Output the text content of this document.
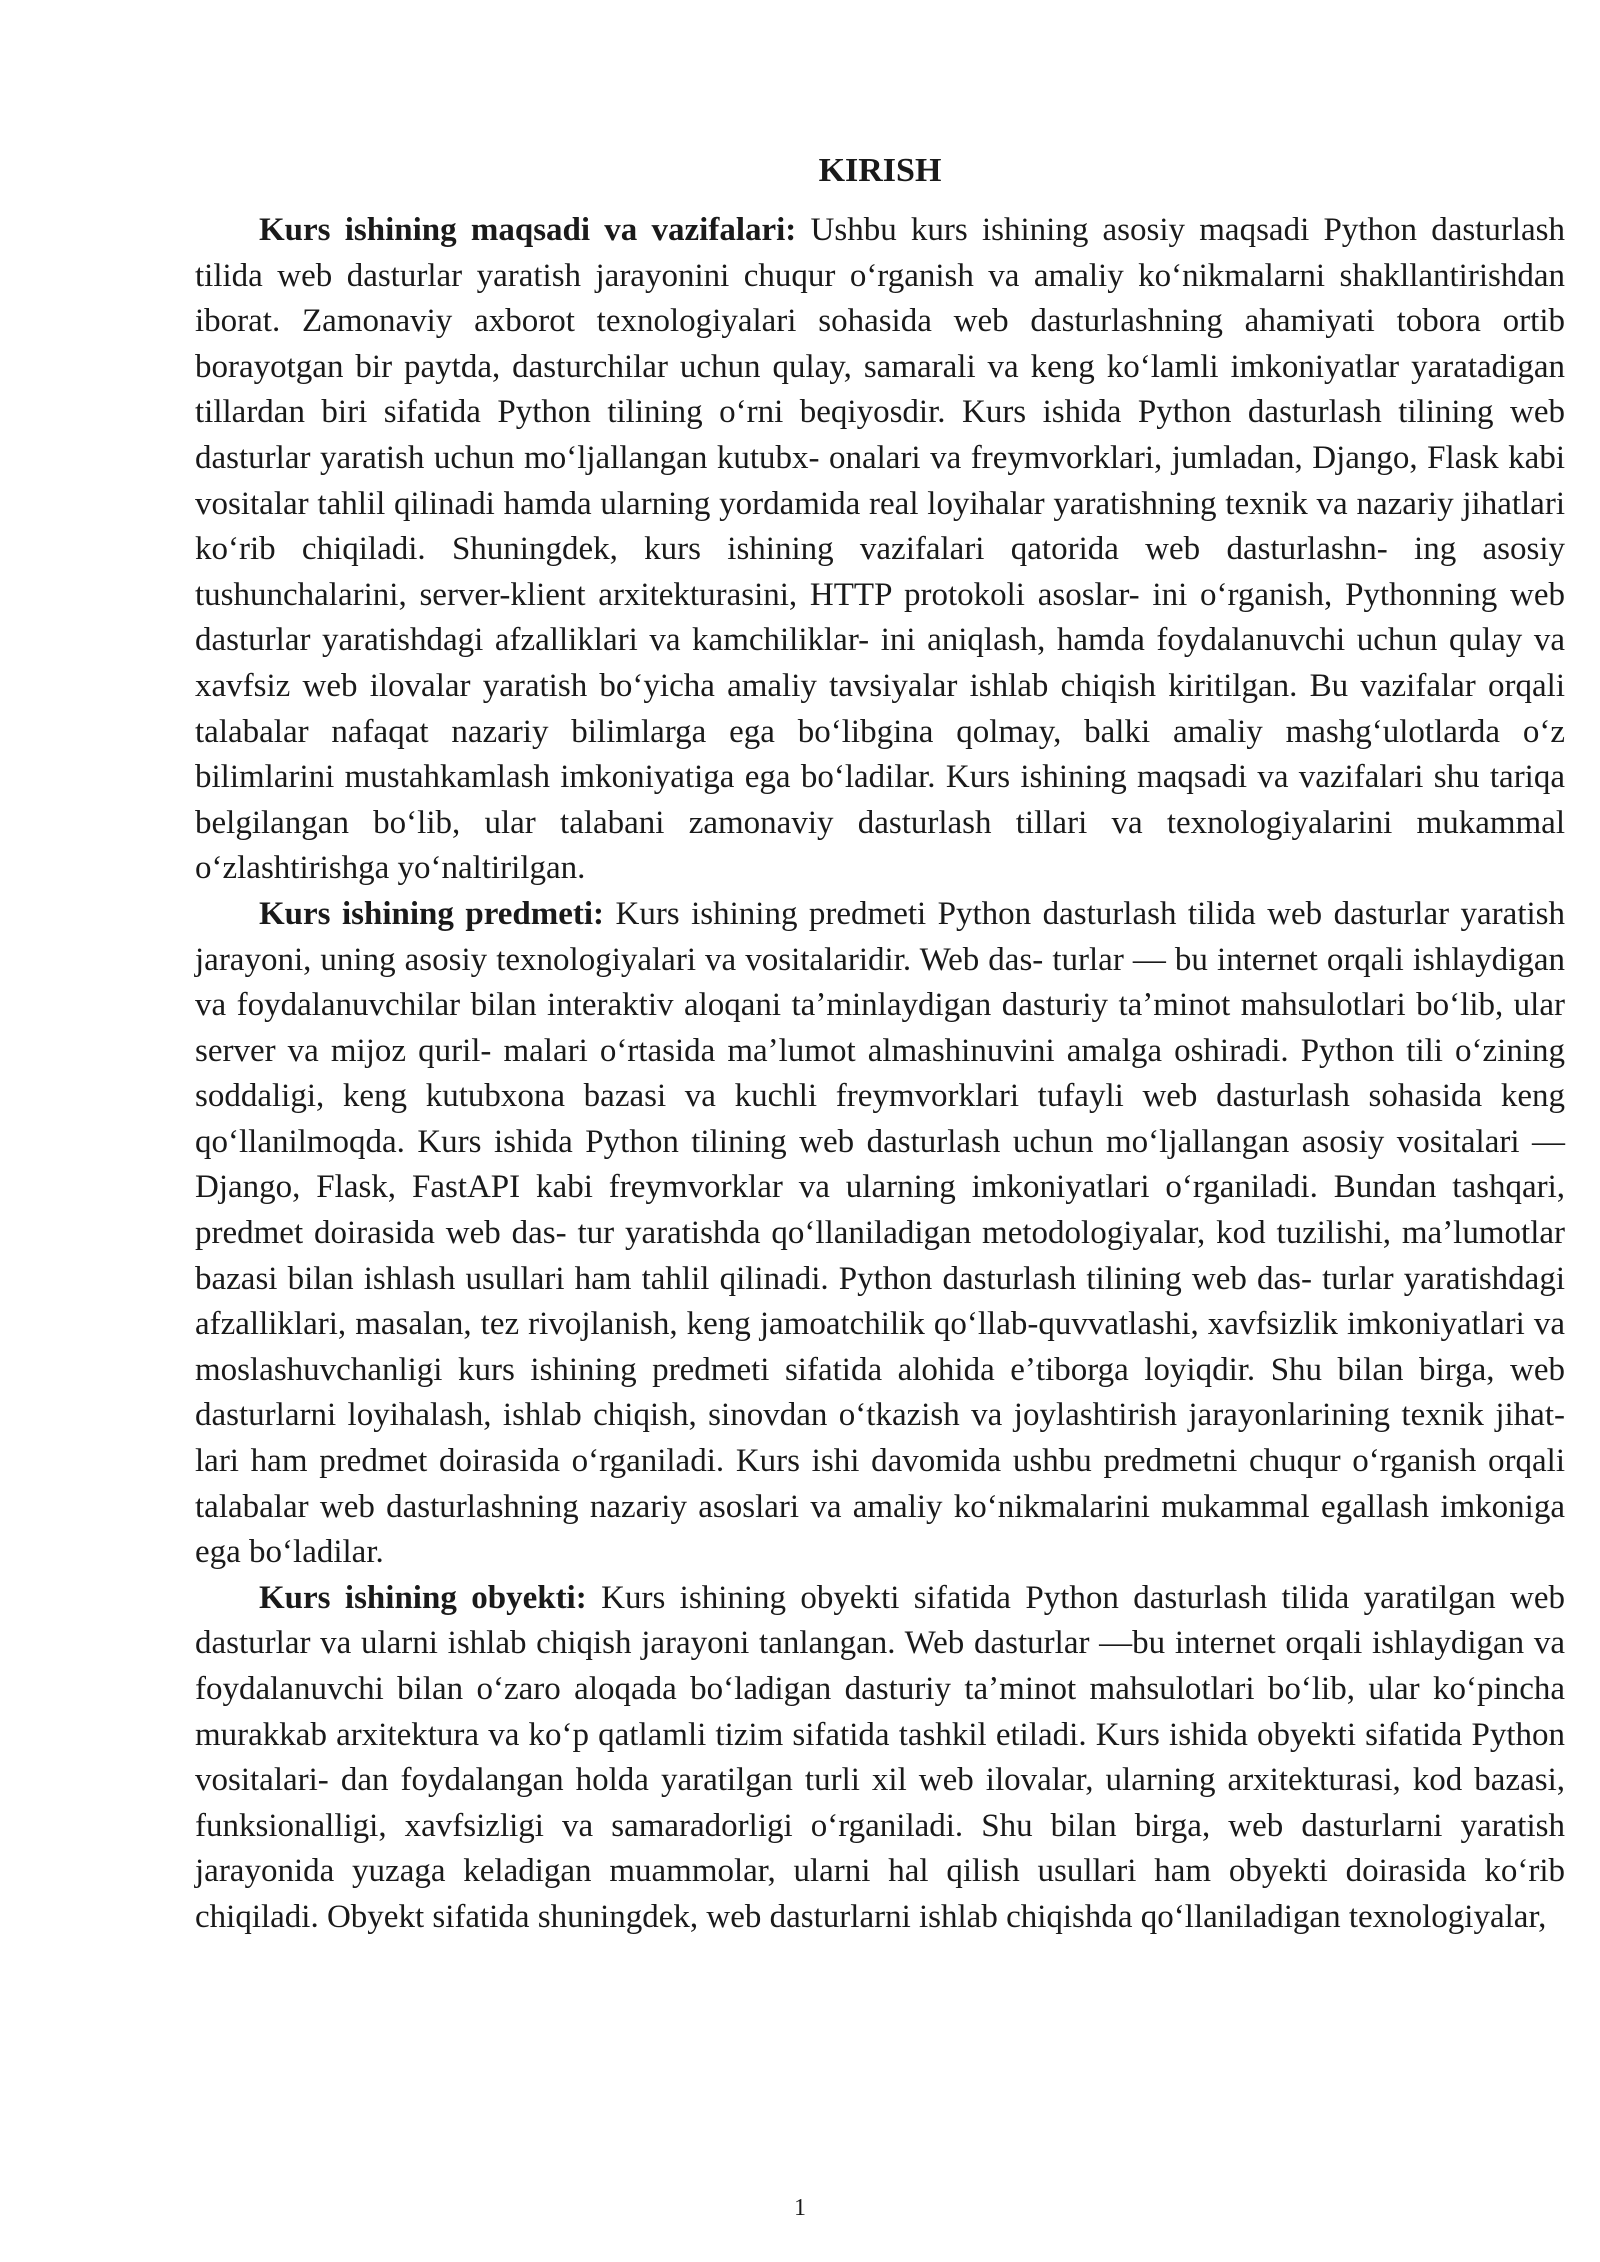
KIRISH

Kurs ishining maqsadi va vazifalari: Ushbu kurs ishining asosiy maqsadi Python dasturlash tilida web dasturlar yaratish jarayonini chuqur oʻrganish va amaliy koʻnikmalarni shakllantirishdan iborat. Zamonaviy axborot texnologiyalari sohasida web dasturlashning ahamiyati tobora ortib borayotgan bir paytda, dasturchilar uchun qulay, samarali va keng koʻlamli imkoniyatlar yaratadigan tillardan biri sifatida Python tilining oʻrni beqiyosdir. Kurs ishida Python dasturlash tilining web dasturlar yaratish uchun moʻljallangan kutubx- onalari va freymvorklari, jumladan, Django, Flask kabi vositalar tahlil qilinadi hamda ularning yordamida real loyihalar yaratishning texnik va nazariy jihatlari koʻrib chiqiladi. Shuningdek, kurs ishining vazifalari qatorida web dasturlashn- ing asosiy tushunchalarini, server-klient arxitekturasini, HTTP protokoli asoslar- ini oʻrganish, Pythonning web dasturlar yaratishdagi afzalliklari va kamchiliklar- ini aniqlash, hamda foydalanuvchi uchun qulay va xavfsiz web ilovalar yaratish boʻyicha amaliy tavsiyalar ishlab chiqish kiritilgan. Bu vazifalar orqali talabalar nafaqat nazariy bilimlarga ega boʻlibgina qolmay, balki amaliy mashgʻulotlarda oʻz bilimlarini mustahkamlash imkoniyatiga ega boʻladilar. Kurs ishining maqsadi va vazifalari shu tariqa belgilangan boʻlib, ular talabani zamonaviy dasturlash tillari va texnologiyalarini mukammal oʻzlashtirishga yoʻnaltirilgan.

Kurs ishining predmeti: Kurs ishining predmeti Python dasturlash tilida web dasturlar yaratish jarayoni, uning asosiy texnologiyalari va vositalaridir. Web das- turlar — bu internet orqali ishlaydigan va foydalanuvchilar bilan interaktiv aloqani taʼminlaydigan dasturiy taʼminot mahsulotlari boʻlib, ular server va mijoz quril- malari oʻrtasida maʼlumot almashinuvini amalga oshiradi. Python tili oʻzining soddaligi, keng kutubxona bazasi va kuchli freymvorklari tufayli web dasturlash sohasida keng qoʻllanilmoqda. Kurs ishida Python tilining web dasturlash uchun moʻljallangan asosiy vositalari — Django, Flask, FastAPI kabi freymvorklar va ularning imkoniyatlari oʻrganiladi. Bundan tashqari, predmet doirasida web das- tur yaratishda qoʻllaniladigan metodologiyalar, kod tuzilishi, maʼlumotlar bazasi bilan ishlash usullari ham tahlil qilinadi. Python dasturlash tilining web das- turlar yaratishdagi afzalliklari, masalan, tez rivojlanish, keng jamoatchilik qoʻllab-quvvatlashi, xavfsizlik imkoniyatlari va moslashuvchanligi kurs ishining predmeti sifatida alohida eʼtiborga loyiqdir. Shu bilan birga, web dasturlarni loyihalash, ishlab chiqish, sinovdan oʻtkazish va joylashtirish jarayonlarining texnik jihat- lari ham predmet doirasida oʻrganiladi. Kurs ishi davomida ushbu predmetni chuqur oʻrganish orqali talabalar web dasturlashning nazariy asoslari va amaliy koʻnikmalarini mukammal egallash imkoniga ega boʻladilar.

Kurs ishining obyekti: Kurs ishining obyekti sifatida Python dasturlash tilida yaratilgan web dasturlar va ularni ishlab chiqish jarayoni tanlangan. Web dasturlar —bu internet orqali ishlaydigan va foydalanuvchi bilan oʻzaro aloqada boʻladigan dasturiy taʼminot mahsulotlari boʻlib, ular koʻpincha murakkab arxitektura va koʻp qatlamli tizim sifatida tashkil etiladi. Kurs ishida obyekti sifatida Python vositalari- dan foydalangan holda yaratilgan turli xil web ilovalar, ularning arxitekturasi, kod bazasi, funksionalligi, xavfsizligi va samaradorligi oʻrganiladi. Shu bilan birga, web dasturlarni yaratish jarayonida yuzaga keladigan muammolar, ularni hal qilish usullari ham obyekti doirasida koʻrib chiqiladi. Obyekt sifatida shuningdek, web dasturlarni ishlab chiqishda qoʻllaniladigan texnologiyalar,

1
